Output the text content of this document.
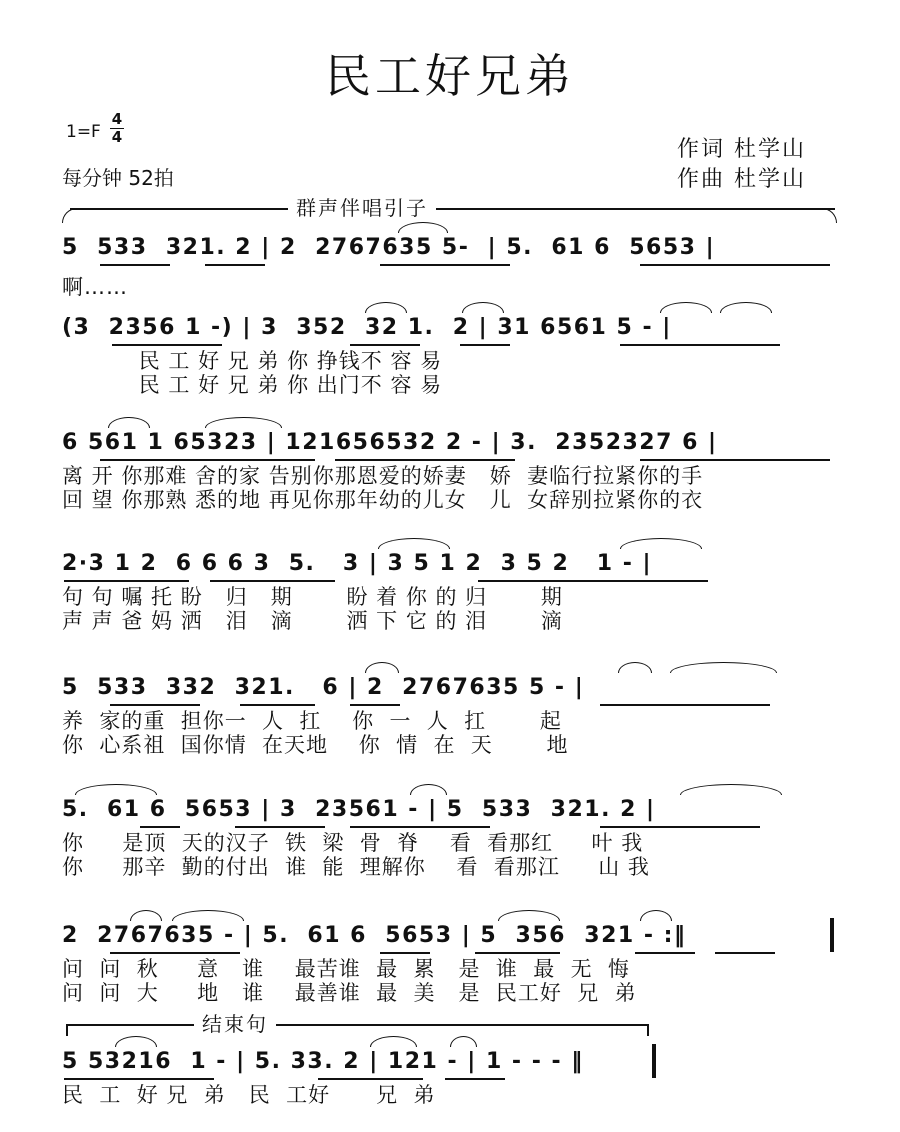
民工好兄弟
1=F
4
4
每分钟 52拍
作词 杜学山
作曲 杜学山
群声伴唱引子
5  533  321. 2 | 2  2767635 5-  | 5.  61 6  5653 |
啊……
(3  2356 1 -) | 3  352  32 1.  2 | 31 6561 5 - |
民 工 好 兄 弟 你 挣钱不 容 易
民 工 好 兄 弟 你 出门不 容 易
6 561 1 65323 | 121656532 2 - | 3.  2352327 6 |
离 开 你那难 舍的家 告别你那恩爱的娇妻   娇  妻临行拉紧你的手
回 望 你那熟 悉的地 再见你那年幼的儿女   儿  女辞别拉紧你的衣
2·3 1 2  6 6 6 3  5.   3 | 3 5 1 2  3 5 2   1 - |
句 句 嘱 托 盼   归   期       盼 着 你 的 归       期
声 声 爸 妈 洒   泪   滴       洒 下 它 的 泪       滴
5  533  332  321.   6 | 2  2767635 5 - |
养  家的重  担你一  人  扛    你  一  人  扛       起
你  心系祖  国你情  在天地    你  情  在  天       地
5.  61 6  5653 | 3  23561 - | 5  533  321. 2 |
你     是顶  天的汉子  铁  梁  骨  脊    看  看那红     叶 我
你     那辛  勤的付出  谁  能  理解你    看  看那江     山 我
2  2767635 - | 5.  61 6  5653 | 5  356  321 - :‖
问  问  秋     意   谁    最苦谁  最  累   是  谁  最  无  悔
问  问  大     地   谁    最善谁  最  美   是  民工好  兄  弟
结束句
5 53216  1 - | 5. 33. 2 | 121 - | 1 - - - ‖
民  工  好 兄  弟   民  工好      兄  弟
